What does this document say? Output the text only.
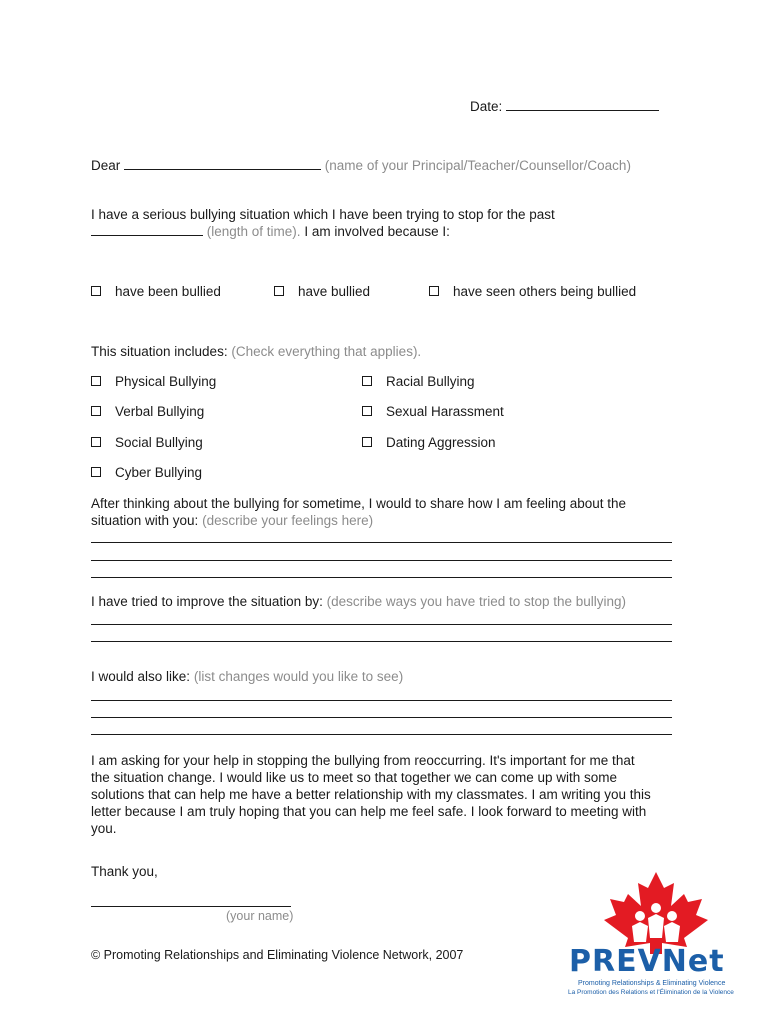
Date:
Dear	(name of your Principal/Teacher/Counsellor/Coach)
I have a serious bullying situation which I have been trying to stop for the past
(length of time). I am involved because I:
have been bullied	have bullied	have seen others being bullied
This situation includes: (Check everything that applies).
Physical Bullying	Racial Bullying
Verbal Bullying	Sexual Harassment
Social Bullying	Dating Aggression
Cyber Bullying
After thinking about the bullying for sometime, I would to share how I am feeling about the
situation with you: (describe your feelings here)
I have tried to improve the situation by: (describe ways you have tried to stop the bullying)
I would also like: (list changes would you like to see)
I am asking for your help in stopping the bullying from reoccurring. It's important for me that
the situation change. I would like us to meet so that together we can come up with some
solutions that can help me have a better relationship with my classmates. I am writing you this
letter because I am truly hoping that you can help me feel safe. I look forward to meeting with
you.
Thank you,
(your name)
© Promoting Relationships and Eliminating Violence Network, 2007	PREVNet
Promoting Relationships & Eliminating Violence
La Promotion des Relations et l'Élimination de la Violence
